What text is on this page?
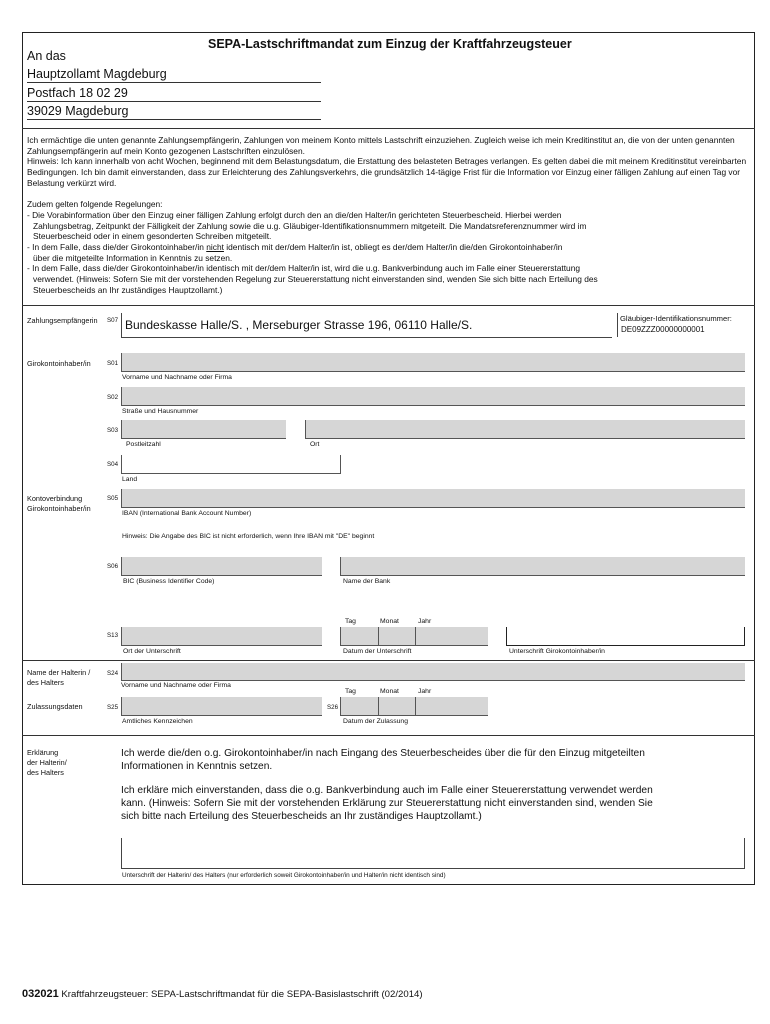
SEPA-Lastschriftmandat zum Einzug der Kraftfahrzeugsteuer
An das
Hauptzollamt Magdeburg
Postfach 18 02 29
39029 Magdeburg

Ich ermächtige die unten genannte Zahlungsempfängerin, Zahlungen von meinem Konto mittels Lastschrift einzuziehen. Zugleich weise ich mein Kreditinstitut an, die von der unten genannten Zahlungsempfängerin auf mein Konto gezogenen Lastschriften einzulösen.

Hinweis: Ich kann innerhalb von acht Wochen, beginnend mit dem Belastungsdatum, die Erstattung des belasteten Betrages verlangen. Es gelten dabei die mit meinem Kreditinstitut vereinbarten Bedingungen. Ich bin damit einverstanden, dass zur Erleichterung des Zahlungsverkehrs, die grundsätzlich 14-tägige Frist für die Information vor Einzug einer fälligen Zahlung auf einen Tag vor Belastung verkürzt wird.

Zudem gelten folgende Regelungen:

- Die Vorabinformation über den Einzug einer fälligen Zahlung erfolgt durch den an die/den Halter/in gerichteten Steuerbescheid. Hierbei werden

Zahlungsbetrag, Zeitpunkt der Fälligkeit der Zahlung sowie die u.g. Gläubiger-Identifikationsnummern mitgeteilt. Die Mandatsreferenznummer wird im

Steuerbescheid oder in einem gesonderten Schreiben mitgeteilt.

- In dem Falle, dass die/der Girokontoinhaber/in nicht identisch mit der/dem Halter/in ist, obliegt es der/dem Halter/in die/den Girokontoinhaber/in

über die mitgeteilte Information in Kenntnis zu setzen.

- In dem Falle, dass die/der Girokontoinhaber/in identisch mit der/dem Halter/in ist, wird die u.g. Bankverbindung auch im Falle einer Steuererstattung

verwendet. (Hinweis: Sofern Sie mit der vorstehenden Regelung zur Steuererstattung nicht einverstanden sind, wenden Sie sich bitte nach Erteilung des

Steuerbescheids an Ihr zuständiges Hauptzollamt.)

Zahlungsempfängerin S07 Bundeskasse Halle/S. , Merseburger Strasse 196, 06110 Halle/S.	Gläubiger-Identifikationsnummer:
DE09ZZZ00000000001
Girokontoinhaber/in	S01
Vorname und Nachname oder Firma
S02
Straße und Hausnummer
S03
Postleitzahl	Ort
S04
Land
Kontoverbindung
Girokontoinhaber/in
S05
IBAN (International Bank Account Number)
Hinweis: Die Angabe des BIC ist nicht erforderlich, wenn Ihre IBAN mit "DE" beginnt
S06
BIC (Business Identifier Code)	Name der Bank
Tag	Monat	Jahr
S13
Ort der Unterschrift	Datum der Unterschrift	Unterschrift Girokontoinhaber/in
Name der Halterin /
des Halters
S24
Vorname und Nachname oder Firma
Tag	Monat	Jahr
Zulassungsdaten	S25	S26
Amtliches Kennzeichen	Datum der Zulassung
Erklärung
der Halterin/
des Halters
Ich werde die/den o.g. Girokontoinhaber/in nach Eingang des Steuerbescheides über die für den Einzug mitgeteilten
Informationen in Kenntnis setzen.
Ich erkläre mich einverstanden, dass die o.g. Bankverbindung auch im Falle einer Steuererstattung verwendet werden
kann. (Hinweis: Sofern Sie mit der vorstehenden Erklärung zur Steuererstattung nicht einverstanden sind, wenden Sie
sich bitte nach Erteilung des Steuerbescheids an Ihr zuständiges Hauptzollamt.)
Unterschrift der Halterin/ des Halters (nur erforderlich soweit Girokontoinhaber/in und Halter/in nicht identisch sind)
032021 Kraftfahrzeugsteuer: SEPA-Lastschriftmandat für die SEPA-Basislastschrift (02/2014)
